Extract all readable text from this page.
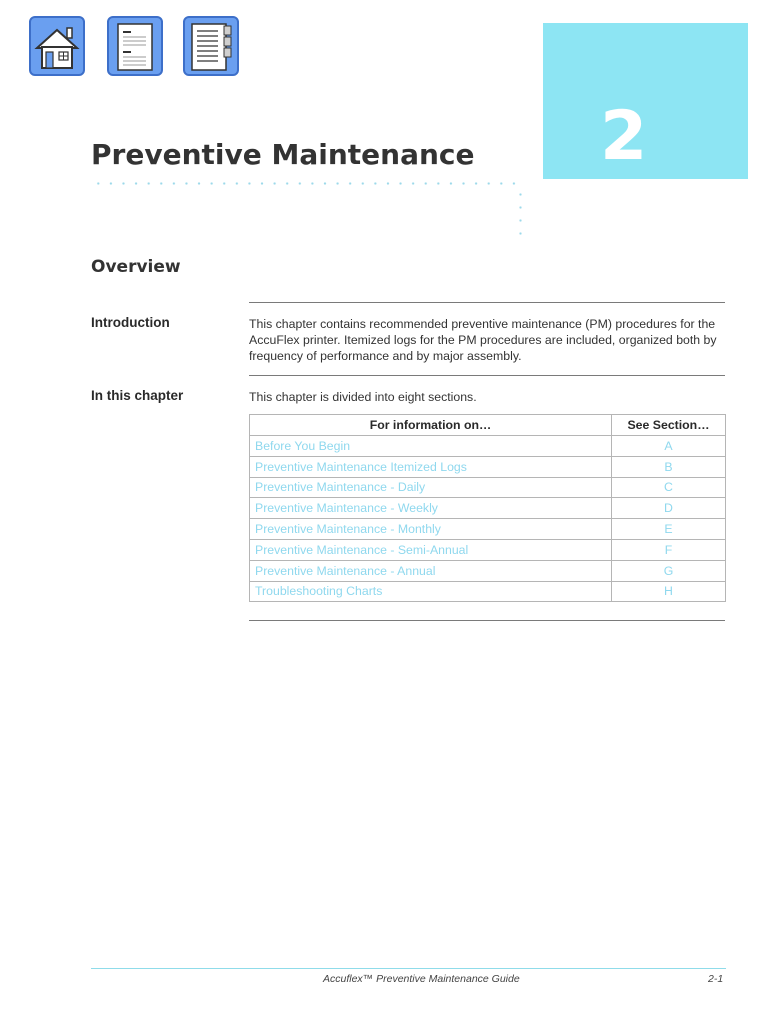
2
Preventive Maintenance
Overview
Introduction	This chapter contains recommended preventive maintenance (PM) procedures for the AccuFlex printer. Itemized logs for the PM procedures are included, organized both by frequency of performance and by major assembly.

In this chapter	This chapter is divided into eight sections.

For information on…	See Section…
Before You Begin	A
Preventive Maintenance Itemized Logs	B
Preventive Maintenance - Daily	C
Preventive Maintenance - Weekly	D
Preventive Maintenance - Monthly	E
Preventive Maintenance - Semi-Annual	F
Preventive Maintenance - Annual	G
Troubleshooting Charts	H
Accuflex™ Preventive Maintenance Guide	2-1
